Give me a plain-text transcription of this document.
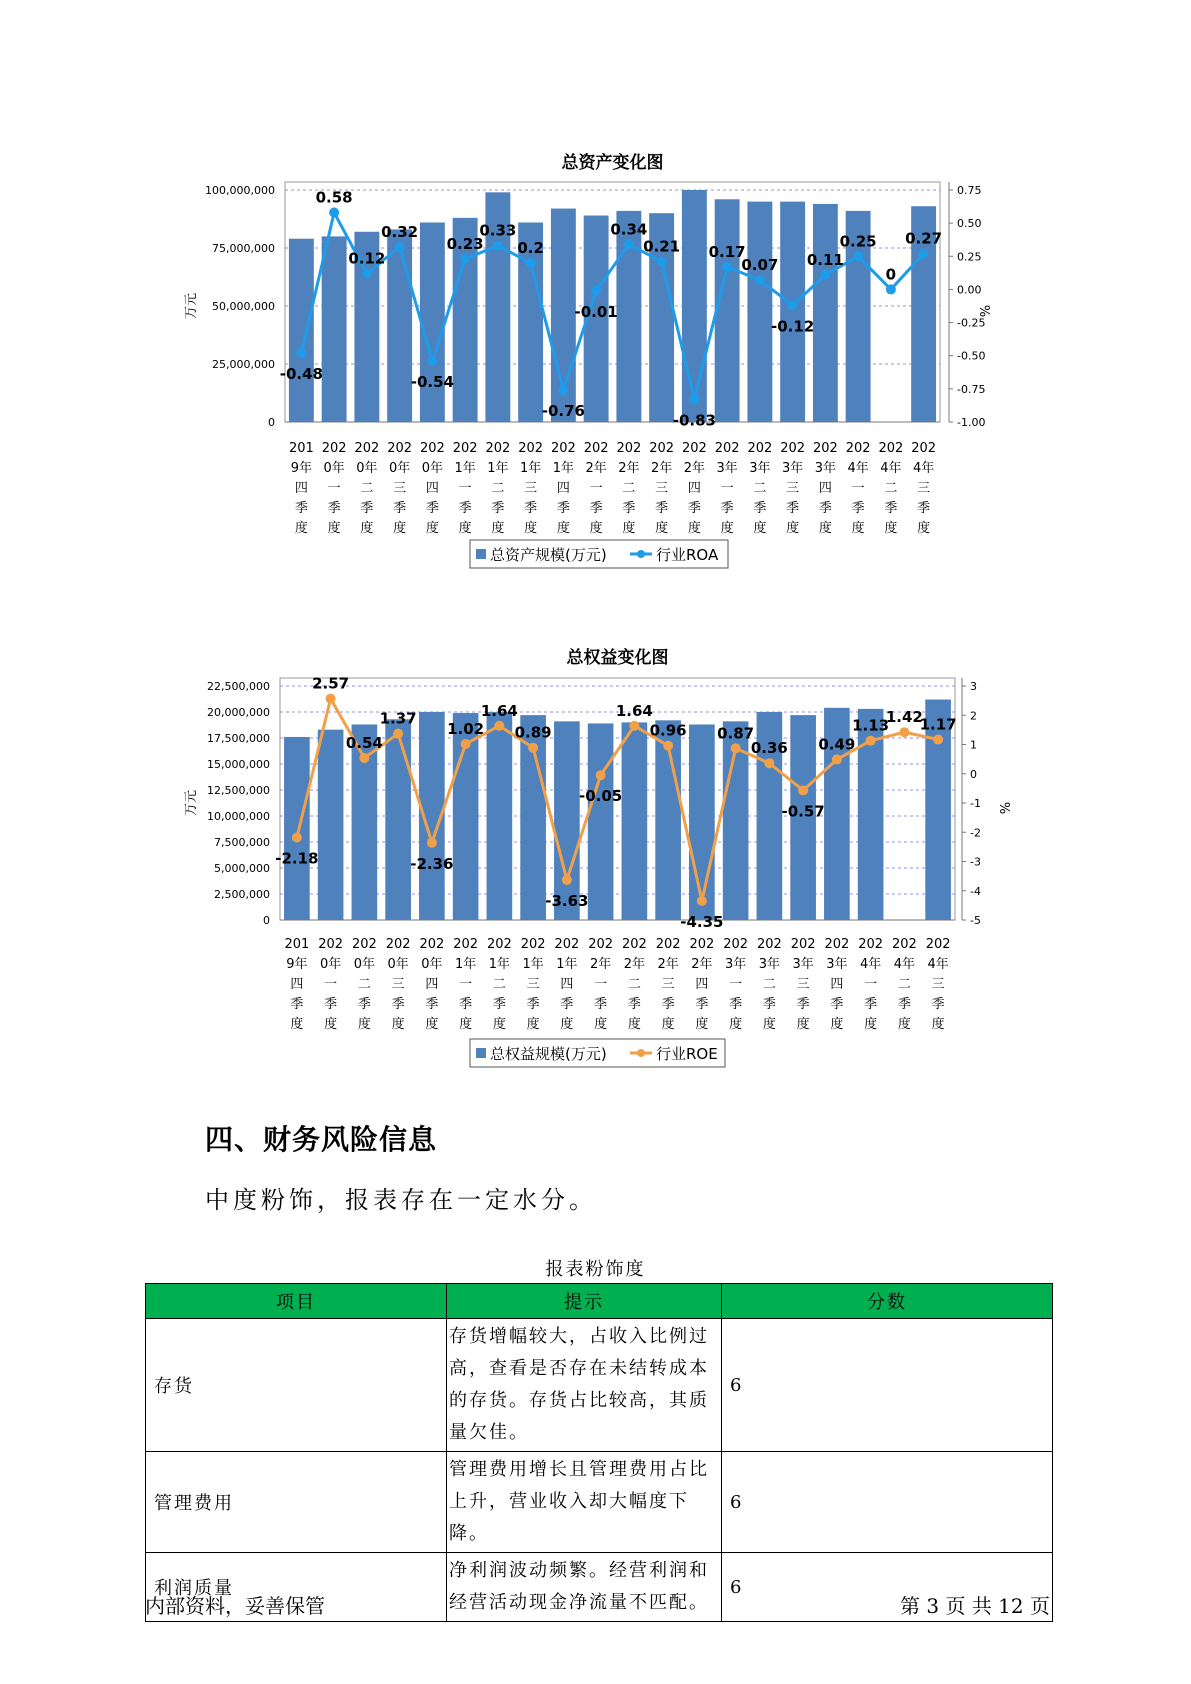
总资产变化图
0
25,000,000
50,000,000
75,000,000
100,000,000
-1.00
-0.75
-0.50
-0.25
0.00
0.25
0.50
0.75
万元	%
-0.48
0.58
0.12
0.32
-0.54
0.23
0.33
0.2
-0.76
-0.01
0.34
0.21
-0.83
0.17
0.07
-0.12
0.11
0.25
0
0.27
201
9年
四
季
度
202
0年
一
季
度
202
0年
二
季
度
202
0年
三
季
度
202
0年
四
季
度
202
1年
一
季
度
202
1年
二
季
度
202
1年
三
季
度
202
1年
四
季
度
202
2年
一
季
度
202
2年
二
季
度
202
2年
三
季
度
202
2年
四
季
度
202
3年
一
季
度
202
3年
二
季
度
202
3年
三
季
度
202
3年
四
季
度
202
4年
一
季
度
202
4年
二
季
度
202
4年
三
季
度
总资产规模(万元)	行业ROA
总权益变化图
0
2,500,000
5,000,000
7,500,000
10,000,000
12,500,000
15,000,000
17,500,000
20,000,000
22,500,000
-5
-4
-3
-2
-1
0
1
2
3
万元	%
-2.18
2.57
0.54
1.37
-2.36
1.02
1.64
0.89
-3.63
-0.05
1.64
0.96
-4.35
0.87
0.36
-0.57
0.49
1.13
1.42
1.17
201
9年
四
季
度
202
0年
一
季
度
202
0年
二
季
度
202
0年
三
季
度
202
0年
四
季
度
202
1年
一
季
度
202
1年
二
季
度
202
1年
三
季
度
202
1年
四
季
度
202
2年
一
季
度
202
2年
二
季
度
202
2年
三
季
度
202
2年
四
季
度
202
3年
一
季
度
202
3年
二
季
度
202
3年
三
季
度
202
3年
四
季
度
202
4年
一
季
度
202
4年
二
季
度
202
4年
三
季
度
总权益规模(万元)	行业ROE
四、财务风险信息
中度粉饰，报表存在一定水分。
报表粉饰度
项目	提示	分数
存货	存货增幅较大，占收入比例过高，查看是否存在未结转成本的存货。存货占比较高，其质量欠佳。	6
管理费用	管理费用增长且管理费用占比上升，营业收入却大幅度下降。	6
利润质量	净利润波动频繁。经营利润和经营活动现金净流量不匹配。	6
内部资料，妥善保管	第 3 页 共 12 页
